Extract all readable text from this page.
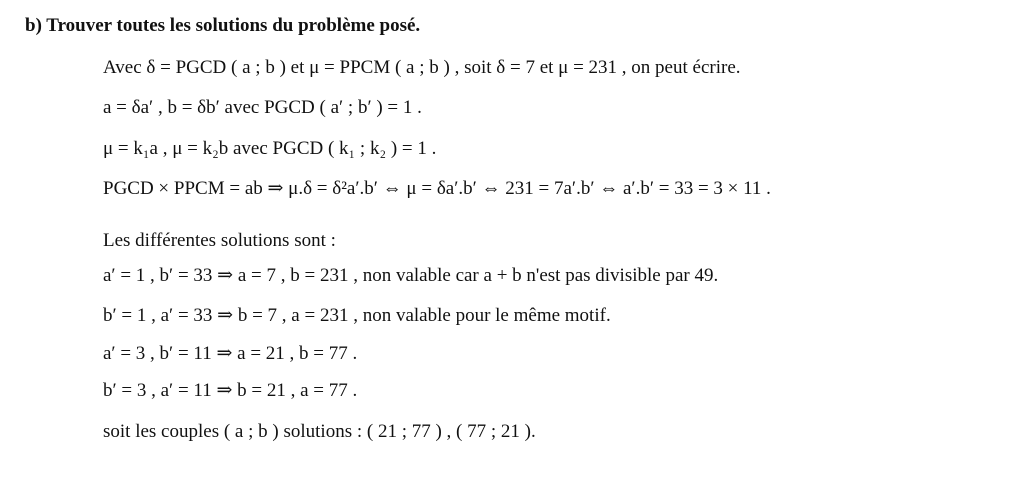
b) Trouver toutes les solutions du problème posé.
Avec δ = PGCD ( a ; b ) et μ = PPCM ( a ; b ) , soit δ = 7 et μ = 231 , on peut écrire.
a = δa′ , b = δb′ avec PGCD ( a′ ; b′ ) = 1 .
μ = k₁a , μ = k₂b avec PGCD ( k₁ ; k₂ ) = 1 .
PGCD × PPCM = ab ⇒ μ.δ = δ²a′.b′ ⇔ μ = δa′.b′ ⇔ 231 = 7a′.b′ ⇔ a′.b′ = 33 = 3 × 11 .
Les différentes solutions sont :
a′ = 1 , b′ = 33 ⇒ a = 7 , b = 231 , non valable car a + b n'est pas divisible par 49.
b′ = 1 , a′ = 33 ⇒ b = 7 , a = 231 , non valable pour le même motif.
a′ = 3 , b′ = 11 ⇒ a = 21 , b = 77 .
b′ = 3 , a′ = 11 ⇒ b = 21 , a = 77 .
soit les couples ( a ; b ) solutions : ( 21 ; 77 ) , ( 77 ; 21 ).
